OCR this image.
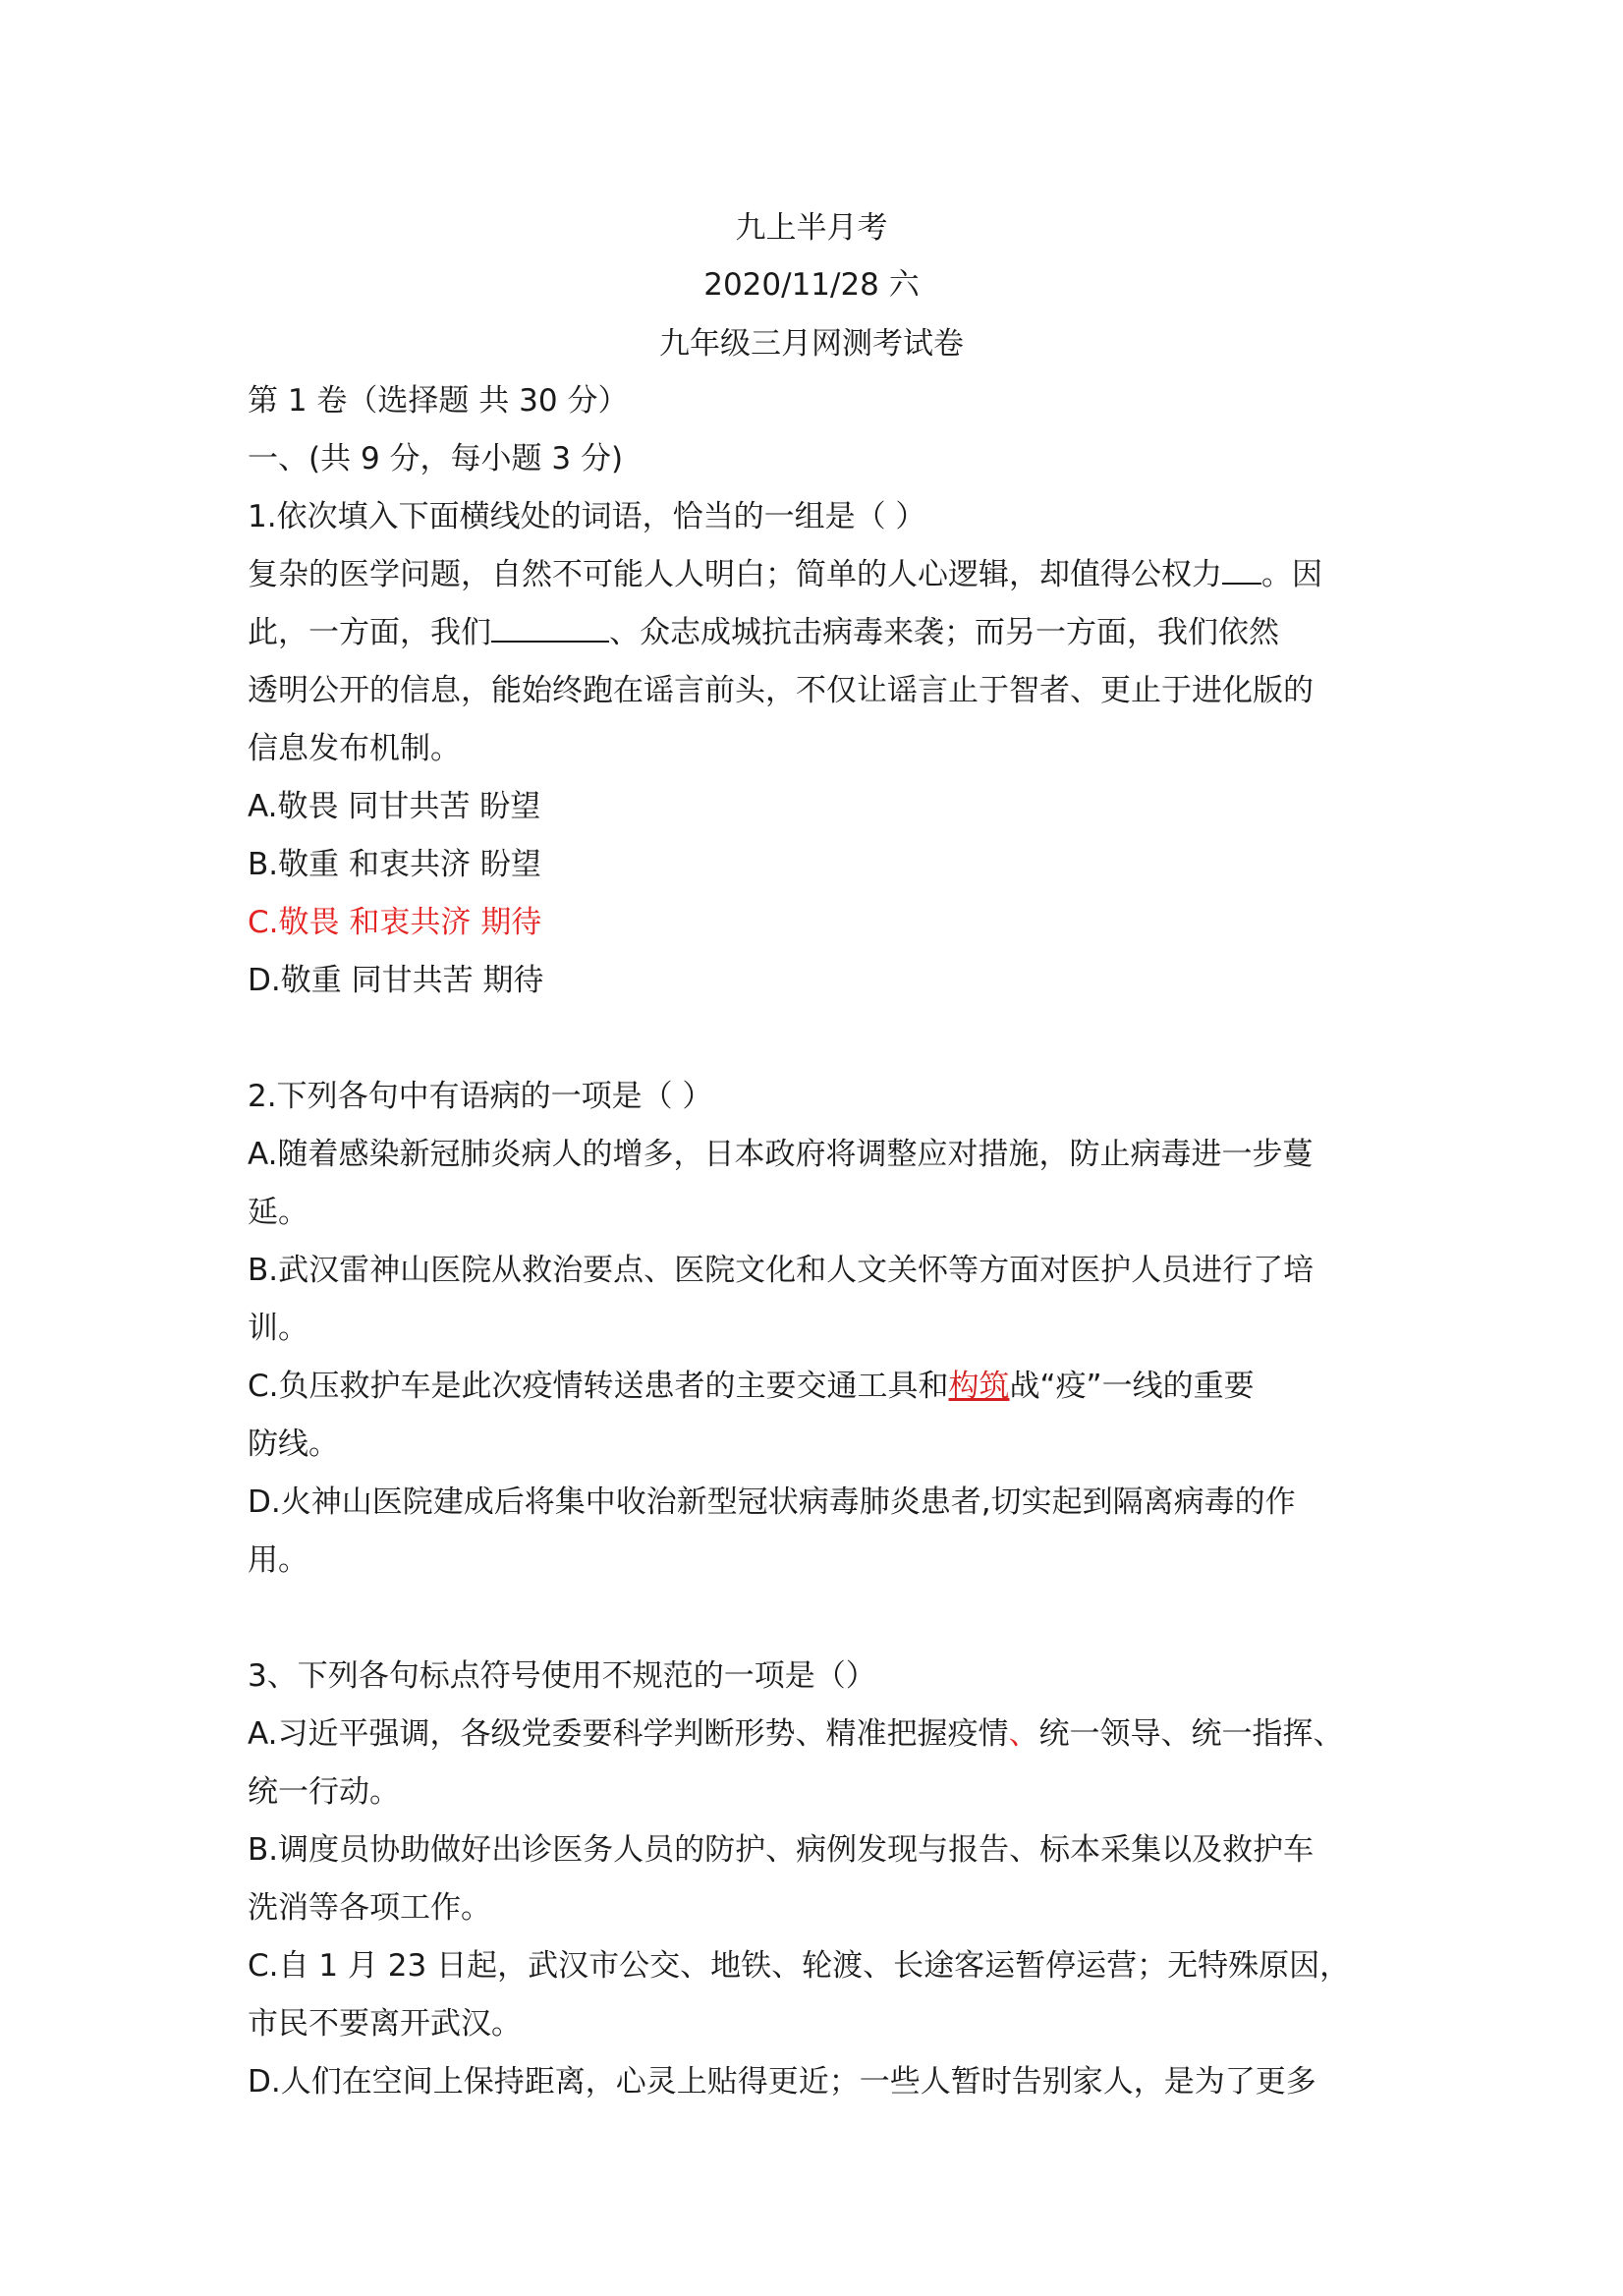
九上半月考
2020/11/28 六
九年级三月网测考试卷
第 1 卷（选择题 共 30 分）
一、(共 9 分，每小题 3 分)
1.依次填入下面横线处的词语，恰当的一组是（ ）
复杂的医学问题，自然不可能人人明白；简单的人心逻辑，却值得公权力 。因
此，一方面，我们	、众志成城抗击病毒来袭；而另一方面，我们依然
透明公开的信息，能始终跑在谣言前头，不仅让谣言止于智者、更止于进化版的
信息发布机制。
A.敬畏 同甘共苦 盼望
B.敬重 和衷共济 盼望
C.敬畏 和衷共济 期待
D.敬重 同甘共苦 期待
2.下列各句中有语病的一项是（ ）
A.随着感染新冠肺炎病人的增多，日本政府将调整应对措施，防止病毒进一步蔓
延。
B.武汉雷神山医院从救治要点、医院文化和人文关怀等方面对医护人员进行了培
训。
C.负压救护车是此次疫情转送患者的主要交通工具和构筑战“疫”一线的重要
防线。
D.火神山医院建成后将集中收治新型冠状病毒肺炎患者,切实起到隔离病毒的作
用。
3、下列各句标点符号使用不规范的一项是（）
A.习近平强调，各级党委要科学判断形势、精准把握疫情、统一领导、统一指挥、
统一行动。
B.调度员协助做好出诊医务人员的防护、病例发现与报告、标本采集以及救护车
洗消等各项工作。
C.自 1 月 23 日起，武汉市公交、地铁、轮渡、长途客运暂停运营；无特殊原因，
市民不要离开武汉。
D.人们在空间上保持距离，心灵上贴得更近；一些人暂时告别家人，是为了更多
